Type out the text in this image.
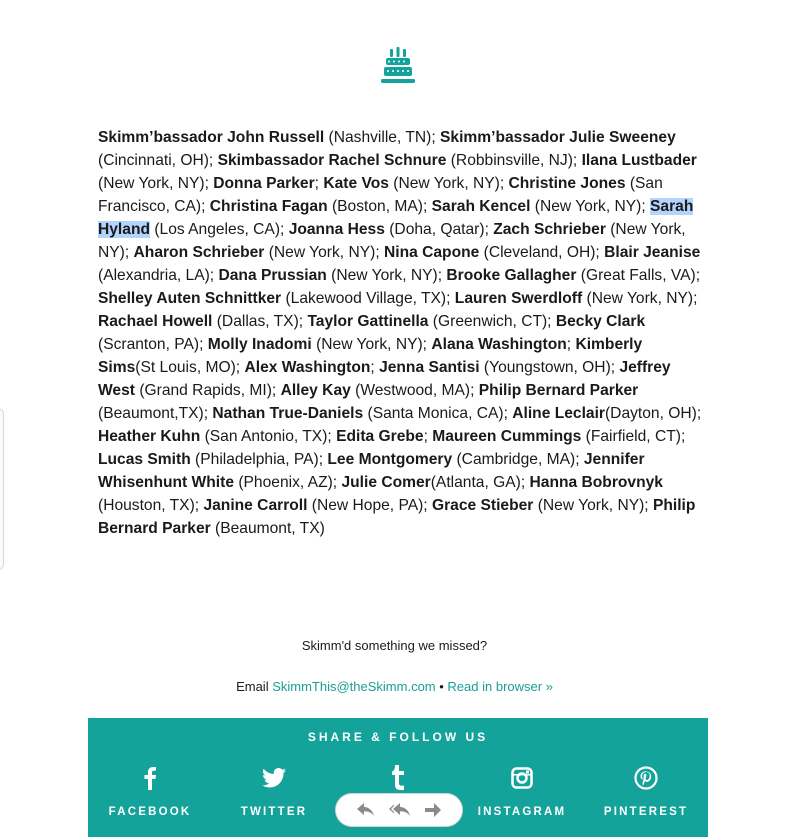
Skimm’bassador John Russell (Nashville, TN); Skimm’bassador Julie Sweeney (Cincinnati, OH); Skimbassador Rachel Schnure (Robbinsville, NJ); Ilana Lustbader (New York, NY); Donna Parker; Kate Vos (New York, NY); Christine Jones (San Francisco, CA); Christina Fagan (Boston, MA); Sarah Kencel (New York, NY); Sarah Hyland (Los Angeles, CA); Joanna Hess (Doha, Qatar); Zach Schrieber (New York, NY); Aharon Schrieber (New York, NY); Nina Capone (Cleveland, OH); Blair Jeanise (Alexandria, LA); Dana Prussian (New York, NY); Brooke Gallagher (Great Falls, VA); Shelley Auten Schnittker (Lakewood Village, TX); Lauren Swerdloff (New York, NY); Rachael Howell (Dallas, TX); Taylor Gattinella (Greenwich, CT); Becky Clark (Scranton, PA); Molly Inadomi (New York, NY); Alana Washington; Kimberly Sims(St Louis, MO); Alex Washington; Jenna Santisi (Youngstown, OH); Jeffrey West (Grand Rapids, MI); Alley Kay (Westwood, MA); Philip Bernard Parker (Beaumont,TX); Nathan True-Daniels (Santa Monica, CA); Aline Leclair(Dayton, OH); Heather Kuhn (San Antonio, TX); Edita Grebe; Maureen Cummings (Fairfield, CT); Lucas Smith (Philadelphia, PA); Lee Montgomery (Cambridge, MA); Jennifer Whisenhunt White (Phoenix, AZ); Julie Comer(Atlanta, GA); Hanna Bobrovnyk (Houston, TX); Janine Carroll (New Hope, PA); Grace Stieber (New York, NY); Philip Bernard Parker (Beaumont, TX)
Skimm'd something we missed?
Email SkimmThis@theSkimm.com • Read in browser »
SHARE & FOLLOW US
FACEBOOK	TWITTER	INSTAGRAM	PINTEREST
